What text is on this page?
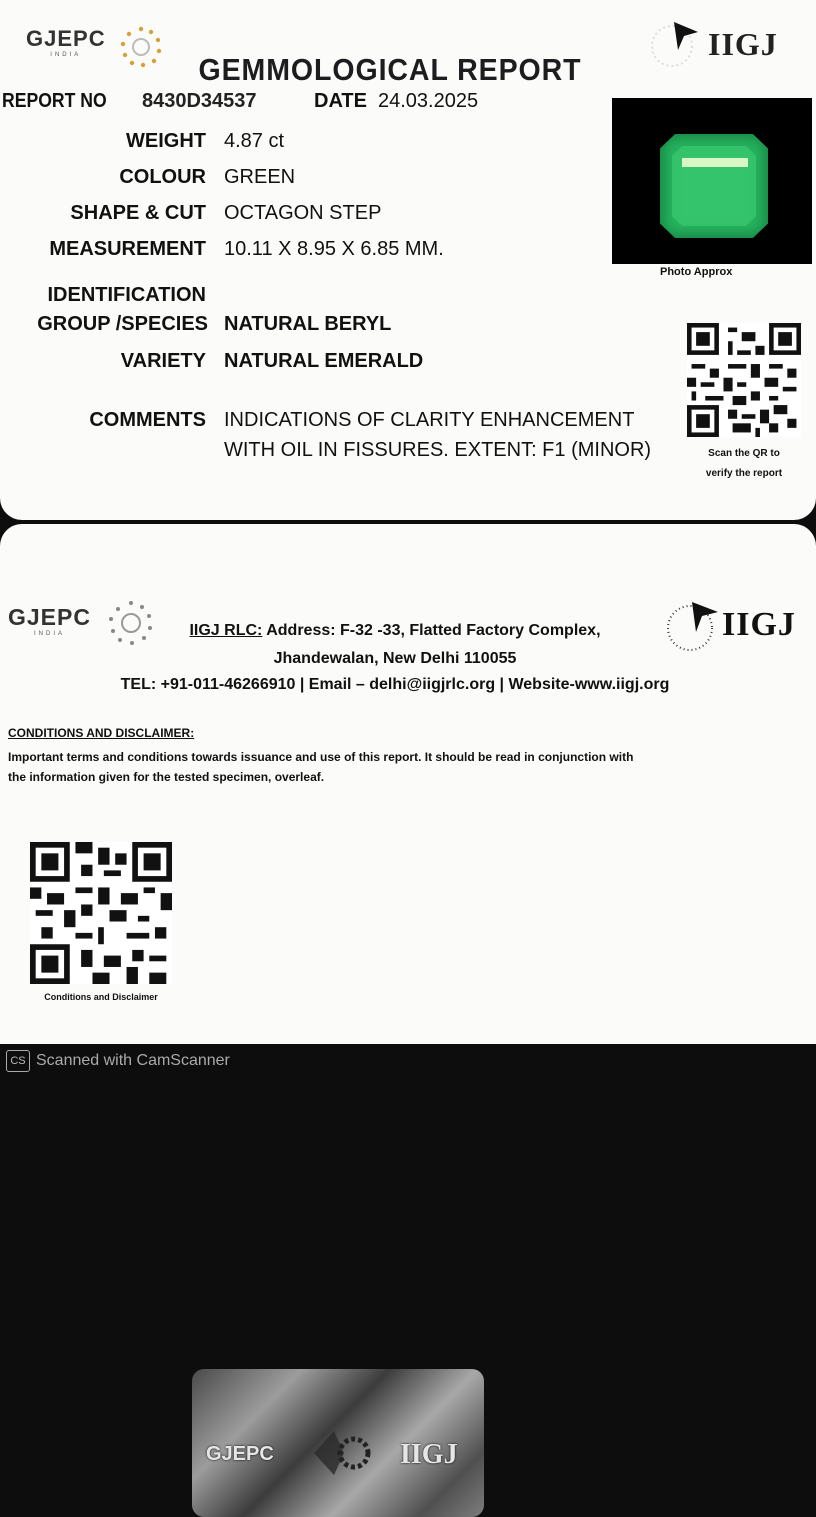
GJEPC
INDIA	IIGJ
GEMMOLOGICAL REPORT
REPORT NO 8430D34537	DATE 24.03.2025
WEIGHT 4.87 ct
COLOUR GREEN
SHAPE & CUT OCTAGON STEP
MEASUREMENT 10.11 X 8.95 X 6.85 MM.
IDENTIFICATION
GROUP /SPECIES NATURAL BERYL
VARIETY NATURAL EMERALD
COMMENTS INDICATIONS OF CLARITY ENHANCEMENT
WITH OIL IN FISSURES. EXTENT: F1 (MINOR)
Photo Approx
Scan the QR to
verify the report
GJEPC
INDIA	IIGJ
IIGJ RLC: Address: F-32 -33, Flatted Factory Complex,
Jhandewalan, New Delhi 110055
TEL: +91-011-46266910 | Email – delhi@iigjrlc.org | Website-www.iigj.org
CONDITIONS AND DISCLAIMER:
Important terms and conditions towards issuance and use of this report. It should be read in conjunction with
the information given for the tested specimen, overleaf.
Conditions and Disclaimer
GJEPC	IIGJ
CS Scanned with CamScanner
